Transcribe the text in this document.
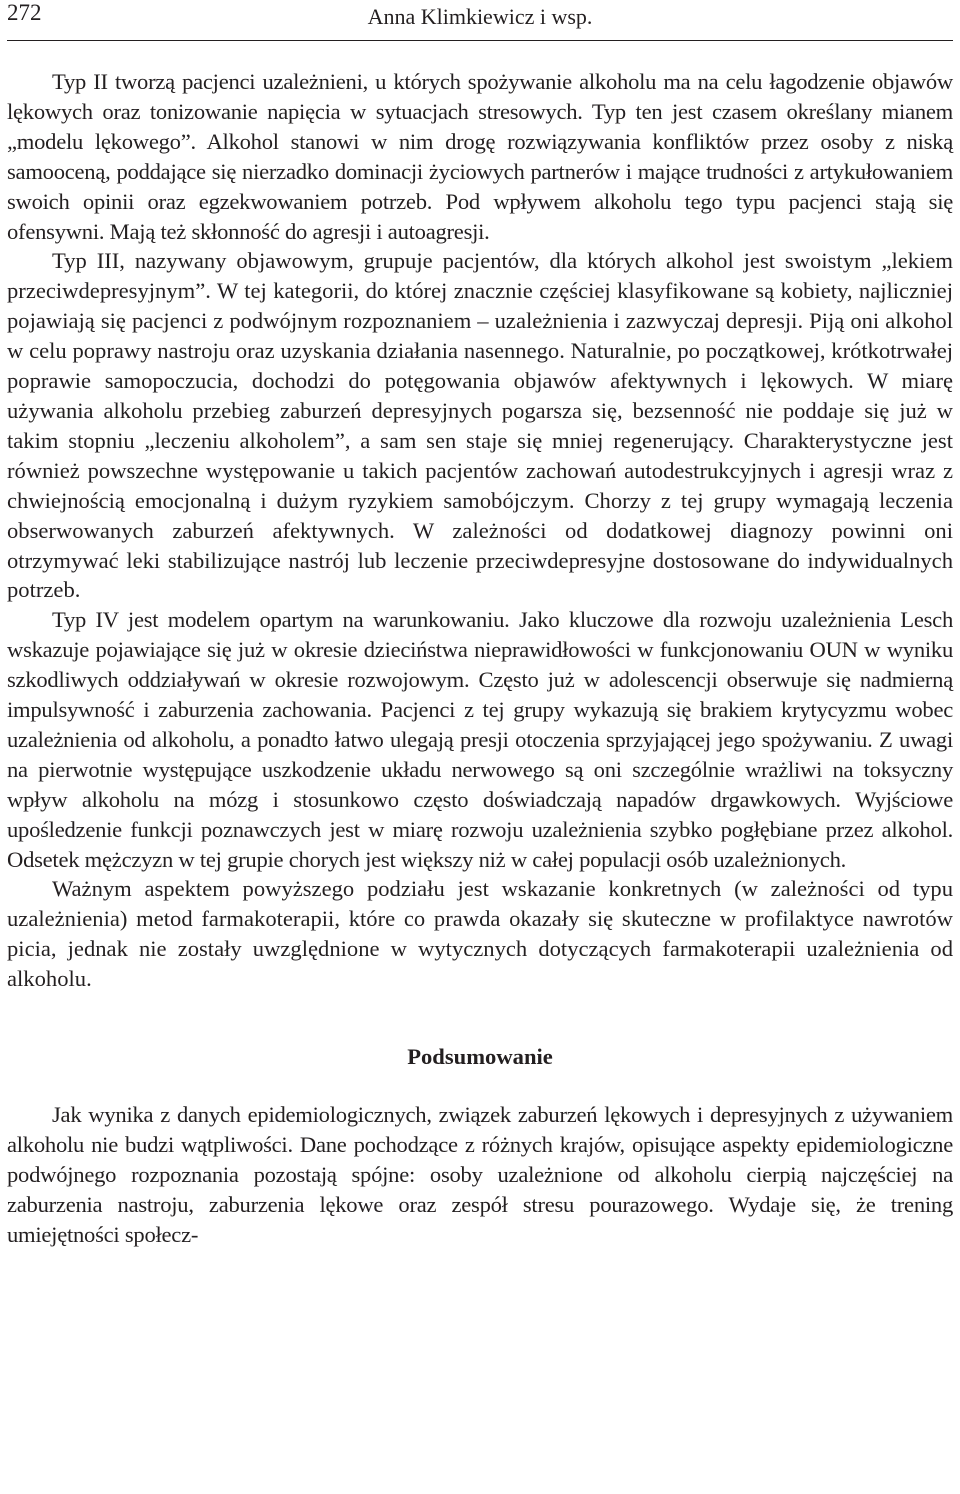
272	Anna Klimkiewicz i wsp.

Typ II tworzą pacjenci uzależnieni, u których spożywanie alkoholu ma na celu łagodzenie objawów lękowych oraz tonizowanie napięcia w sytuacjach stresowych. Typ ten jest czasem określany mianem „modelu lękowego”. Alkohol stanowi w nim drogę rozwiązywania konfliktów przez osoby z niską samooceną, poddające się nierzadko dominacji życiowych partnerów i mające trudności z artykułowaniem swoich opinii oraz egzekwowaniem potrzeb. Pod wpływem alkoholu tego typu pacjenci stają się ofensywni. Mają też skłonność do agresji i autoagresji.

Typ III, nazywany objawowym, grupuje pacjentów, dla których alkohol jest swoistym „lekiem przeciwdepresyjnym”. W tej kategorii, do której znacznie częściej klasyfikowane są kobiety, najliczniej pojawiają się pacjenci z podwójnym rozpoznaniem – uzależnienia i zazwyczaj depresji. Piją oni alkohol w celu poprawy nastroju oraz uzyskania działania nasennego. Naturalnie, po początkowej, krótkotrwałej poprawie samopoczucia, dochodzi do potęgowania objawów afektywnych i lękowych. W miarę używania alkoholu przebieg zaburzeń depresyjnych pogarsza się, bezsenność nie poddaje się już w takim stopniu „leczeniu alkoholem”, a sam sen staje się mniej regenerujący. Charakterystyczne jest również powszechne występowanie u takich pacjentów zachowań autodestrukcyjnych i agresji wraz z chwiejnością emocjonalną i dużym ryzykiem samobójczym. Chorzy z tej grupy wymagają leczenia obserwowanych zaburzeń afektywnych. W zależności od dodatkowej diagnozy powinni oni otrzymywać leki stabilizujące nastrój lub leczenie przeciwdepresyjne dostosowane do indywidualnych potrzeb.

Typ IV jest modelem opartym na warunkowaniu. Jako kluczowe dla rozwoju uzależnienia Lesch wskazuje pojawiające się już w okresie dzieciństwa nieprawidłowości w funkcjonowaniu OUN w wyniku szkodliwych oddziaływań w okresie rozwojowym. Często już w adolescencji obserwuje się nadmierną impulsywność i zaburzenia zachowania. Pacjenci z tej grupy wykazują się brakiem krytycyzmu wobec uzależnienia od alkoholu, a ponadto łatwo ulegają presji otoczenia sprzyjającej jego spożywaniu. Z uwagi na pierwotnie występujące uszkodzenie układu nerwowego są oni szczególnie wrażliwi na toksyczny wpływ alkoholu na mózg i stosunkowo często doświadczają napadów drgawkowych. Wyjściowe upośledzenie funkcji poznawczych jest w miarę rozwoju uzależnienia szybko pogłębiane przez alkohol. Odsetek mężczyzn w tej grupie chorych jest większy niż w całej populacji osób uzależnionych.

Ważnym aspektem powyższego podziału jest wskazanie konkretnych (w zależności od typu uzależnienia) metod farmakoterapii, które co prawda okazały się skuteczne w profilaktyce nawrotów picia, jednak nie zostały uwzględnione w wytycznych dotyczących farmakoterapii uzależnienia od alkoholu.

Podsumowanie

Jak wynika z danych epidemiologicznych, związek zaburzeń lękowych i depresyjnych z używaniem alkoholu nie budzi wątpliwości. Dane pochodzące z różnych krajów, opisujące aspekty epidemiologiczne podwójnego rozpoznania pozostają spójne: osoby uzależnione od alkoholu cierpią najczęściej na zaburzenia nastroju, zaburzenia lękowe oraz zespół stresu pourazowego. Wydaje się, że trening umiejętności społecz-
